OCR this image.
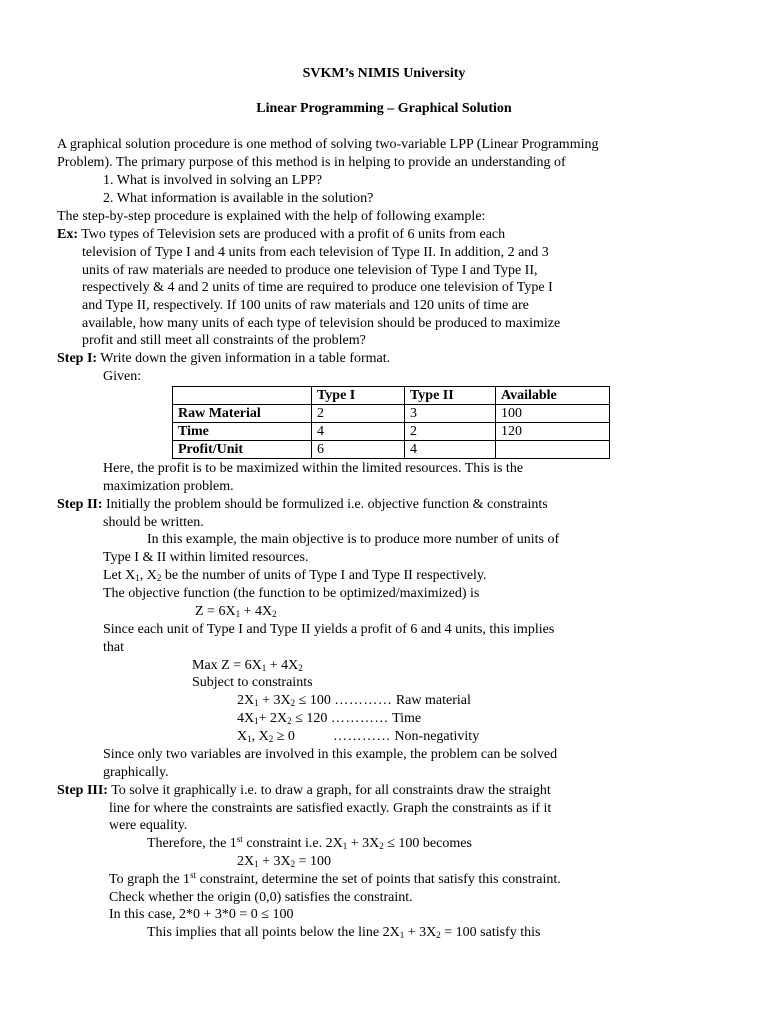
SVKM’s NIMIS University
Linear Programming – Graphical Solution
A graphical solution procedure is one method of solving two-variable LPP (Linear Programming
Problem). The primary purpose of this method is in helping to provide an understanding of
1. What is involved in solving an LPP?
2. What information is available in the solution?
The step-by-step procedure is explained with the help of following example:
Ex: Two types of Television sets are produced with a profit of 6 units from each
television of Type I and 4 units from each television of Type II. In addition, 2 and 3
units of raw materials are needed to produce one television of Type I and Type II,
respectively & 4 and 2 units of time are required to produce one television of Type I
and Type II, respectively. If 100 units of raw materials and 120 units of time are
available, how many units of each type of television should be produced to maximize
profit and still meet all constraints of the problem?
Step I: Write down the given information in a table format.
Given:
	Type I	Type II	Available
Raw Material	2	3	100
Time	4	2	120
Profit/Unit	6	4	
Here, the profit is to be maximized within the limited resources. This is the
maximization problem.
Step II: Initially the problem should be formulized i.e. objective function & constraints
should be written.
In this example, the main objective is to produce more number of units of
Type I & II within limited resources.
Let $X_1$, $X_2$ be the number of units of Type I and Type II respectively.
The objective function (the function to be optimized/maximized) is
$Z = 6X_1 + 4X_2$
Since each unit of Type I and Type II yields a profit of 6 and 4 units, this implies
that
Max $Z = 6X_1 + 4X_2$
Subject to constraints
$2X_1 + 3X_2 \le 100$ ………… Raw material
$4X_1+ 2X_2 \le 120$ ………… Time
$X_1$, $X_2 \ge 0$	………… Non-negativity
Since only two variables are involved in this example, the problem can be solved
graphically.
Step III: To solve it graphically i.e. to draw a graph, for all constraints draw the straight
line for where the constraints are satisfied exactly. Graph the constraints as if it
were equality.
Therefore, the 1st constraint i.e. $2X_1 + 3X_2 \le 100$ becomes
$2X_1 + 3X_2 = 100$
To graph the 1st constraint, determine the set of points that satisfy this constraint.
Check whether the origin (0,0) satisfies the constraint.
In this case, 2*0 + 3*0 = 0 ≤ 100
This implies that all points below the line $2X_1 + 3X_2 = 100$ satisfy this
